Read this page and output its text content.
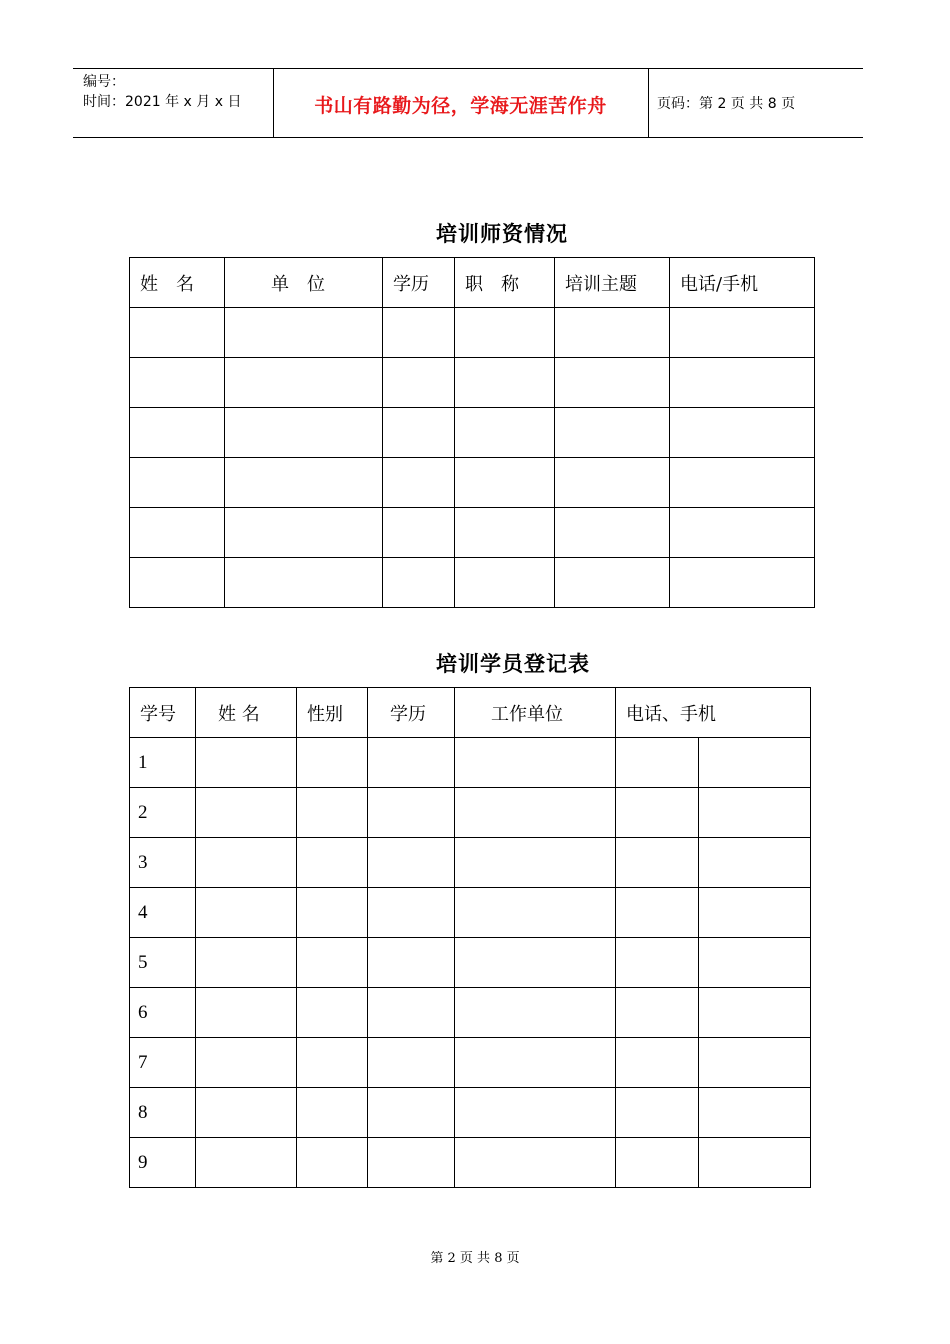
编号：
时间：2021 年 x 月 x 日	书山有路勤为径，学海无涯苦作舟	页码：第 2 页 共 8 页
培训师资情况
姓　名	单　位	学历	职　称	培训主题	电话/手机

培训学员登记表
学号	姓 名	性别	学历	工作单位	电话、手机	
1						
2						
3						
4						
5						
6						
7						
8						
9						
第 2 页 共 8 页
